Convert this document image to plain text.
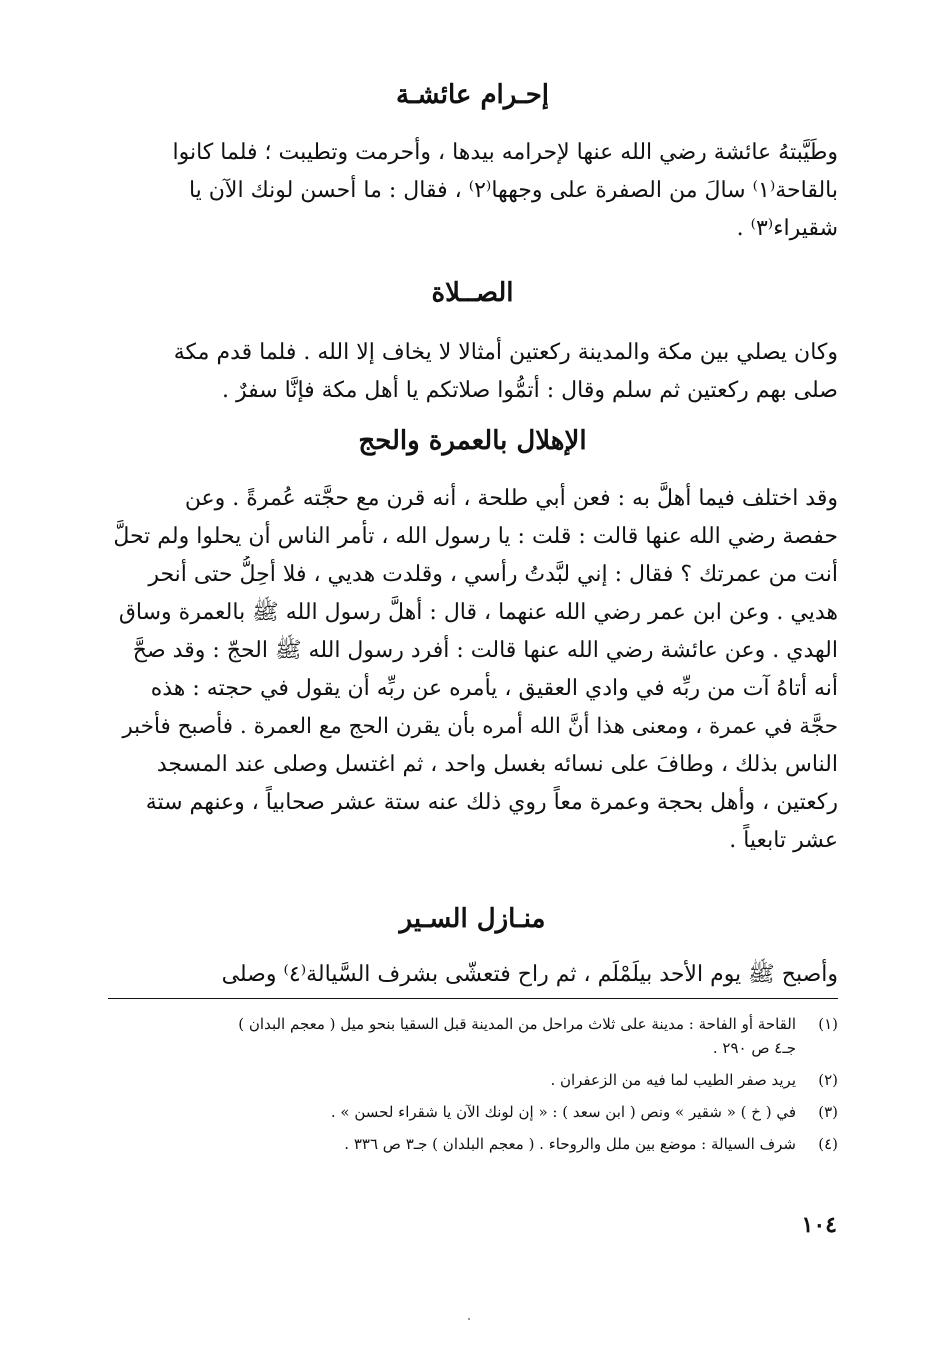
إحـرام عائشـة
وطَيَّبتهُ عائشة رضي الله عنها لإحرامه بيدها ، وأحرمت وتطيبت ؛ فلما كانوا
بالقاحة⁽١⁾ سالَ من الصفرة على وجهها⁽٢⁾ ، فقال : ما أحسن لونك الآن يا
شقيراء⁽٣⁾ .
الصــلاة
وكان يصلي بين مكة والمدينة ركعتين أمثالا لا يخاف إلا الله . فلما قدم مكة
صلى بهم ركعتين ثم سلم وقال : أتمُّوا صلاتكم يا أهل مكة فإنَّا سفرٌ .
الإهلال بالعمرة والحج
وقد اختلف فيما أهلَّ به : فعن أبي طلحة ، أنه قرن مع حجَّته عُمرةً . وعن
حفصة رضي الله عنها قالت : قلت : يا رسول الله ، تأمر الناس أن يحلوا ولم تحلَّ
أنت من عمرتك ؟ فقال : إني لبَّدتُ رأسي ، وقلدت هديي ، فلا أحِلُّ حتى أنحر
هديي . وعن ابن عمر رضي الله عنهما ، قال : أهلَّ رسول الله ﷺ بالعمرة وساق
الهدي . وعن عائشة رضي الله عنها قالت : أفرد رسول الله ﷺ الحجّ : وقد صحَّ
أنه أتاهُ آت من ربِّه في وادي العقيق ، يأمره عن ربِّه أن يقول في حجته : هذه
حجَّة في عمرة ، ومعنى هذا أنَّ الله أمره بأن يقرن الحج مع العمرة . فأصبح فأخبر
الناس بذلك ، وطافَ على نسائه بغسل واحد ، ثم اغتسل وصلى عند المسجد
ركعتين ، وأهل بحجة وعمرة معاً روي ذلك عنه ستة عشر صحابياً ، وعنهم ستة
عشر تابعياً .
منـازل السـير
وأصبح ﷺ يوم الأحد بيلَمْلَم ، ثم راح فتعشّى بشرف السَّيالة⁽٤⁾ وصلى
(١)
القاحة أو الفاحة : مدينة على ثلاث مراحل من المدينة قبل السقيا بنحو ميل ( معجم البدان )
جـ٤ ص ٢٩٠ .
(٢)
يريد صفر الطيب لما فيه من الزعفران .
(٣)
في ( خ ) « شقير » ونص ( ابن سعد ) : « إن لونك الآن يا شقراء لحسن » .
(٤)
شرف السيالة : موضع بين ملل والروحاء . ( معجم البلدان ) جـ٣ ص ٣٣٦ .
١٠٤
